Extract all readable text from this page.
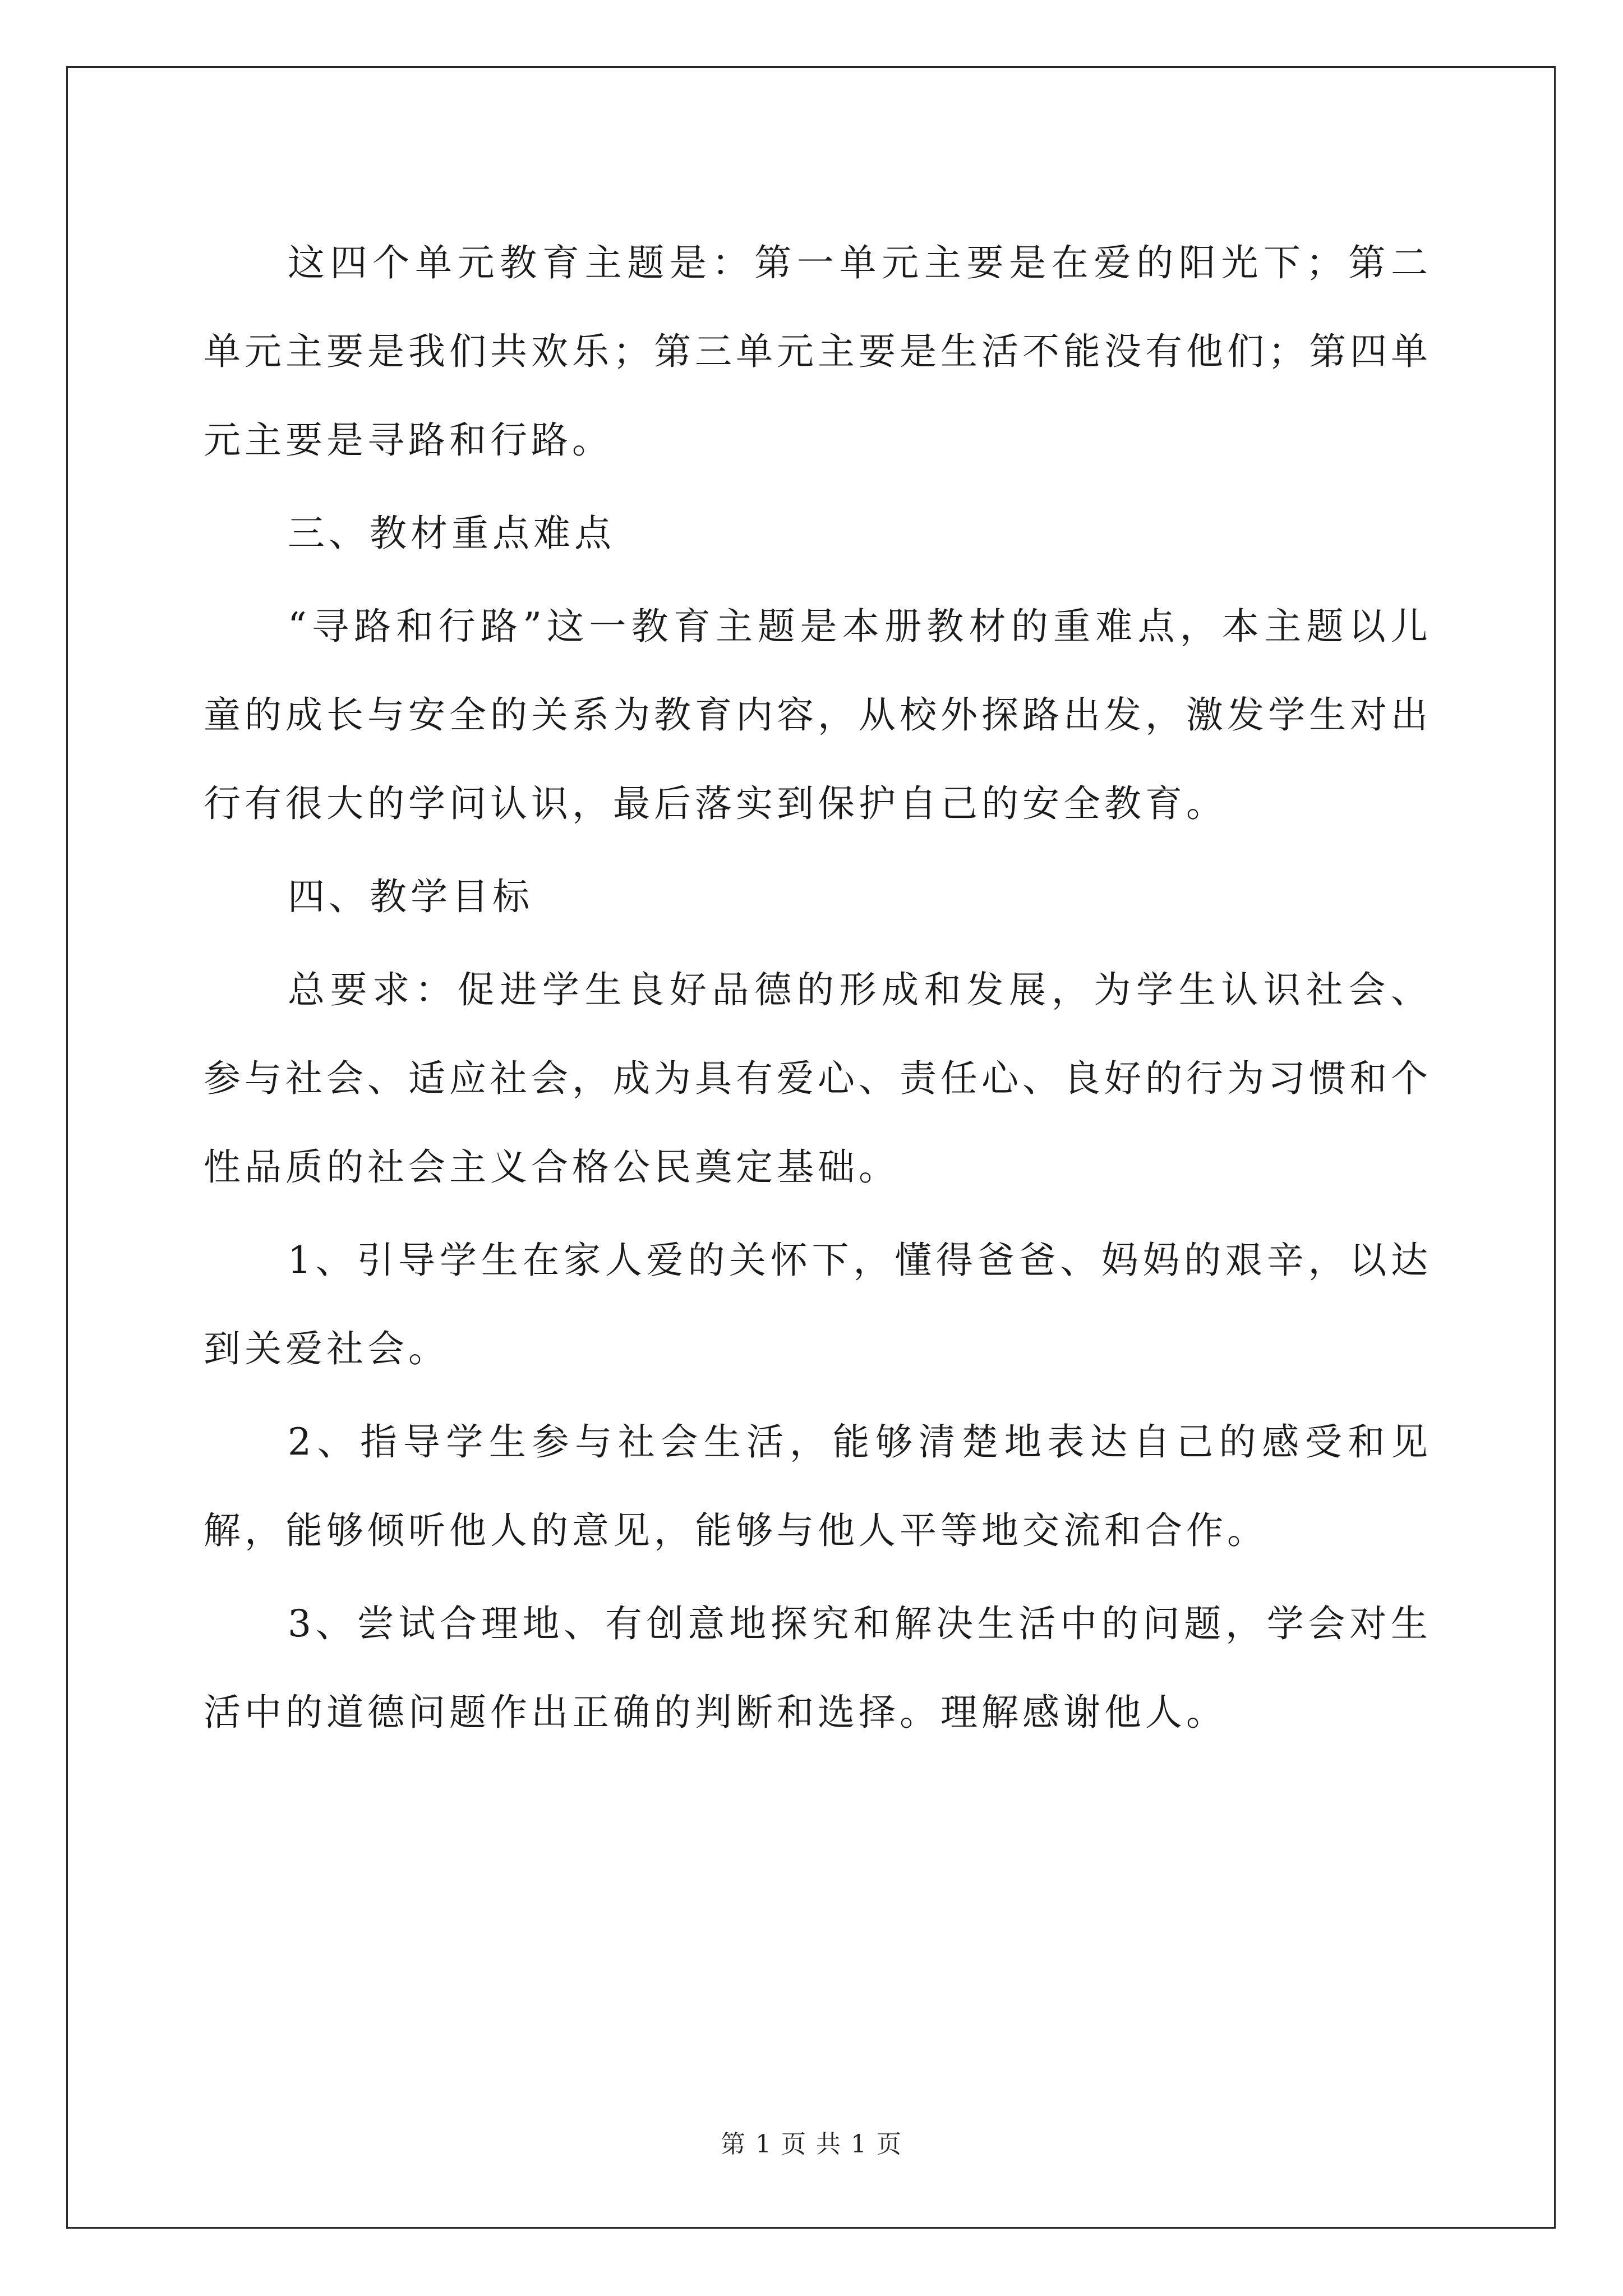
这四个单元教育主题是：第一单元主要是在爱的阳光下；第二单元主要是我们共欢乐；第三单元主要是生活不能没有他们；第四单元主要是寻路和行路。

三、教材重点难点

“寻路和行路”这一教育主题是本册教材的重难点，本主题以儿童的成长与安全的关系为教育内容，从校外探路出发，激发学生对出行有很大的学问认识，最后落实到保护自己的安全教育。

四、教学目标

总要求：促进学生良好品德的形成和发展，为学生认识社会、参与社会、适应社会，成为具有爱心、责任心、良好的行为习惯和个性品质的社会主义合格公民奠定基础。

1、引导学生在家人爱的关怀下，懂得爸爸、妈妈的艰辛，以达到关爱社会。

2、指导学生参与社会生活，能够清楚地表达自己的感受和见解，能够倾听他人的意见，能够与他人平等地交流和合作。

3、尝试合理地、有创意地探究和解决生活中的问题，学会对生活中的道德问题作出正确的判断和选择。理解感谢他人。

第 1 页 共 1 页
